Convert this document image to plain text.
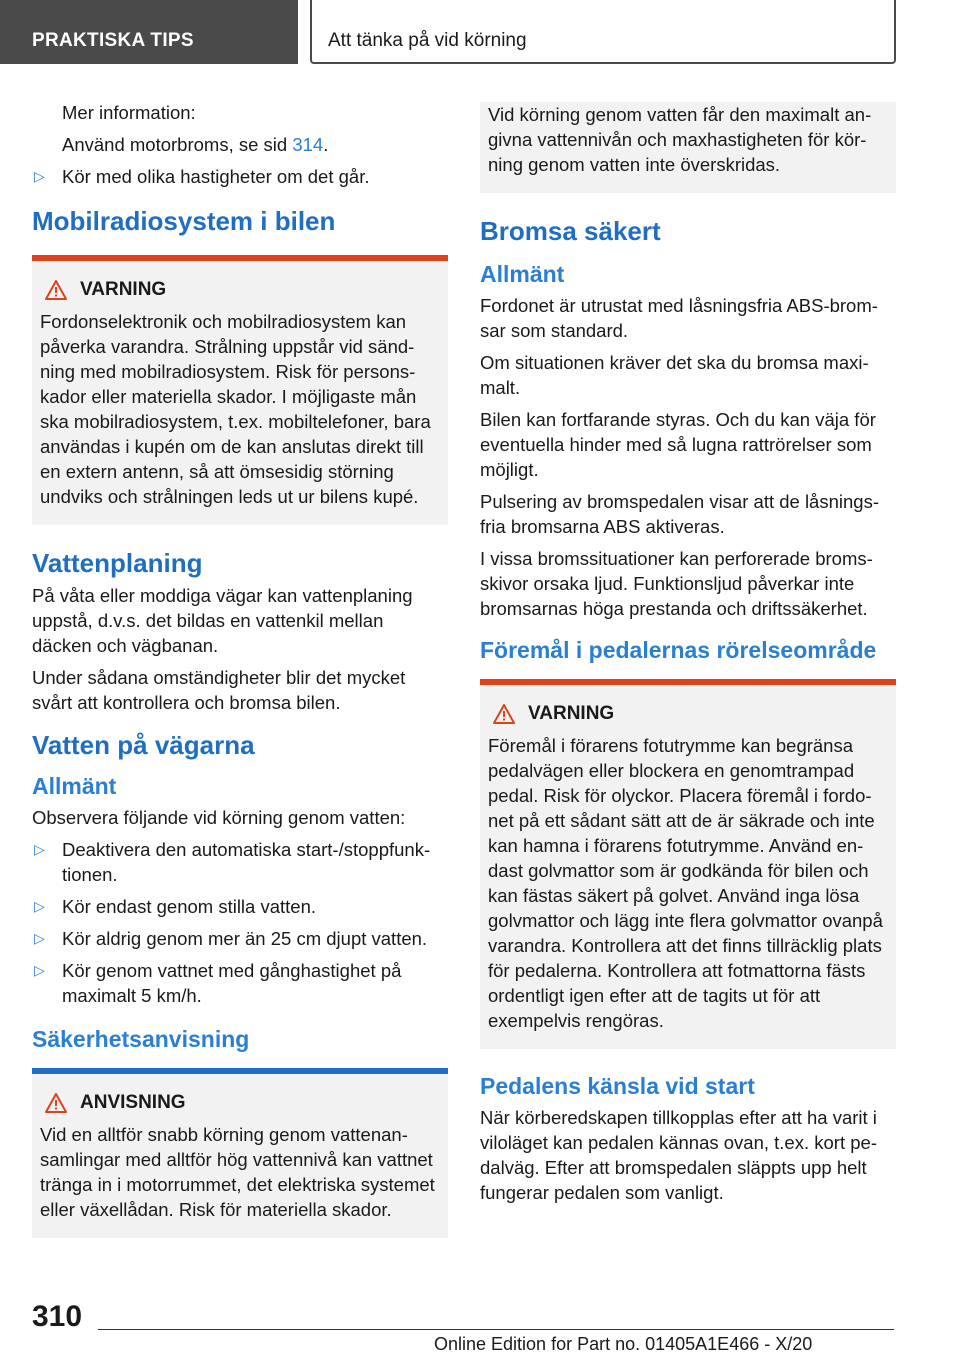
PRAKTISKA TIPS	Att tänka på vid körning

Mer information:

Använd motorbroms, se sid 314.

▷ Kör med olika hastigheter om det går.
Mobilradiosystem i bilen
VARNING

Fordonselektronik och mobilradiosystem kan påverka varandra. Strålning uppstår vid sändning med mobilradiosystem. Risk för personskador eller materiella skador. I möjligaste mån ska mobilradiosystem, t.ex. mobiltelefoner, bara användas i kupén om de kan anslutas direkt till en extern antenn, så att ömsesidig störning undviks och strålningen leds ut ur bilens kupé.

Vattenplaning

På våta eller moddiga vägar kan vattenplaning uppstå, d.v.s. det bildas en vattenkil mellan däcken och vägbanan.

Under sådana omständigheter blir det mycket svårt att kontrollera och bromsa bilen.

Vatten på vägarna
Allmänt

Observera följande vid körning genom vatten:

▷ Deaktivera den automatiska start-/stoppfunktionen.
▷ Kör endast genom stilla vatten.
▷ Kör aldrig genom mer än 25 cm djupt vatten.
▷ Kör genom vattnet med gånghastighet på maximalt 5 km/h.
Säkerhetsanvisning
ANVISNING

Vid en alltför snabb körning genom vattenansamlingar med alltför hög vattennivå kan vattnet tränga in i motorrummet, det elektriska systemet eller växellådan. Risk för materiella skador.

Vid körning genom vatten får den maximalt angivna vattennivån och maxhastigheten för körning genom vatten inte överskridas.

Bromsa säkert
Allmänt

Fordonet är utrustat med låsningsfria ABS-bromsar som standard.

Om situationen kräver det ska du bromsa maximalt.

Bilen kan fortfarande styras. Och du kan väja för eventuella hinder med så lugna rattrörelser som möjligt.

Pulsering av bromspedalen visar att de låsningsfria bromsarna ABS aktiveras.

I vissa bromssituationer kan perforerade bromsskivor orsaka ljud. Funktionsljud påverkar inte bromsarnas höga prestanda och driftssäkerhet.

Föremål i pedalernas rörelseområde
VARNING

Föremål i förarens fotutrymme kan begränsa pedalvägen eller blockera en genomtrampad pedal. Risk för olyckor. Placera föremål i fordonet på ett sådant sätt att de är säkrade och inte kan hamna i förarens fotutrymme. Använd endast golvmattor som är godkända för bilen och kan fästas säkert på golvet. Använd inga lösa golvmattor och lägg inte flera golvmattor ovanpå varandra. Kontrollera att det finns tillräcklig plats för pedalerna. Kontrollera att fotmattorna fästs ordentligt igen efter att de tagits ut för att exempelvis rengöras.

Pedalens känsla vid start

När körberedskapen tillkopplas efter att ha varit i viloläget kan pedalen kännas ovan, t.ex. kort pedalväg. Efter att bromspedalen släppts upp helt fungerar pedalen som vanligt.

310
Online Edition for Part no. 01405A1E466 - X/20
